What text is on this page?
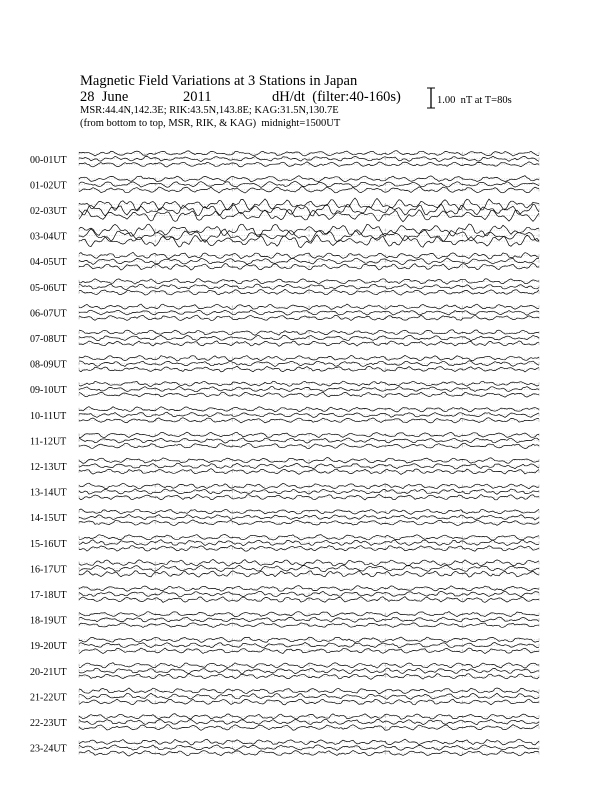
Magnetic Field Variations at 3 Stations in Japan
28  June	2011	dH/dt  (filter:40-160s)
MSR:44.4N,142.3E; RIK:43.5N,143.8E; KAG:31.5N,130.7E
(from bottom to top, MSR, RIK, & KAG)  midnight=1500UT
1.00  nT at T=80s
00-01UT
01-02UT
02-03UT
03-04UT
04-05UT
05-06UT
06-07UT
07-08UT
08-09UT
09-10UT
10-11UT
11-12UT
12-13UT
13-14UT
14-15UT
15-16UT
16-17UT
17-18UT
18-19UT
19-20UT
20-21UT
21-22UT
22-23UT
23-24UT
